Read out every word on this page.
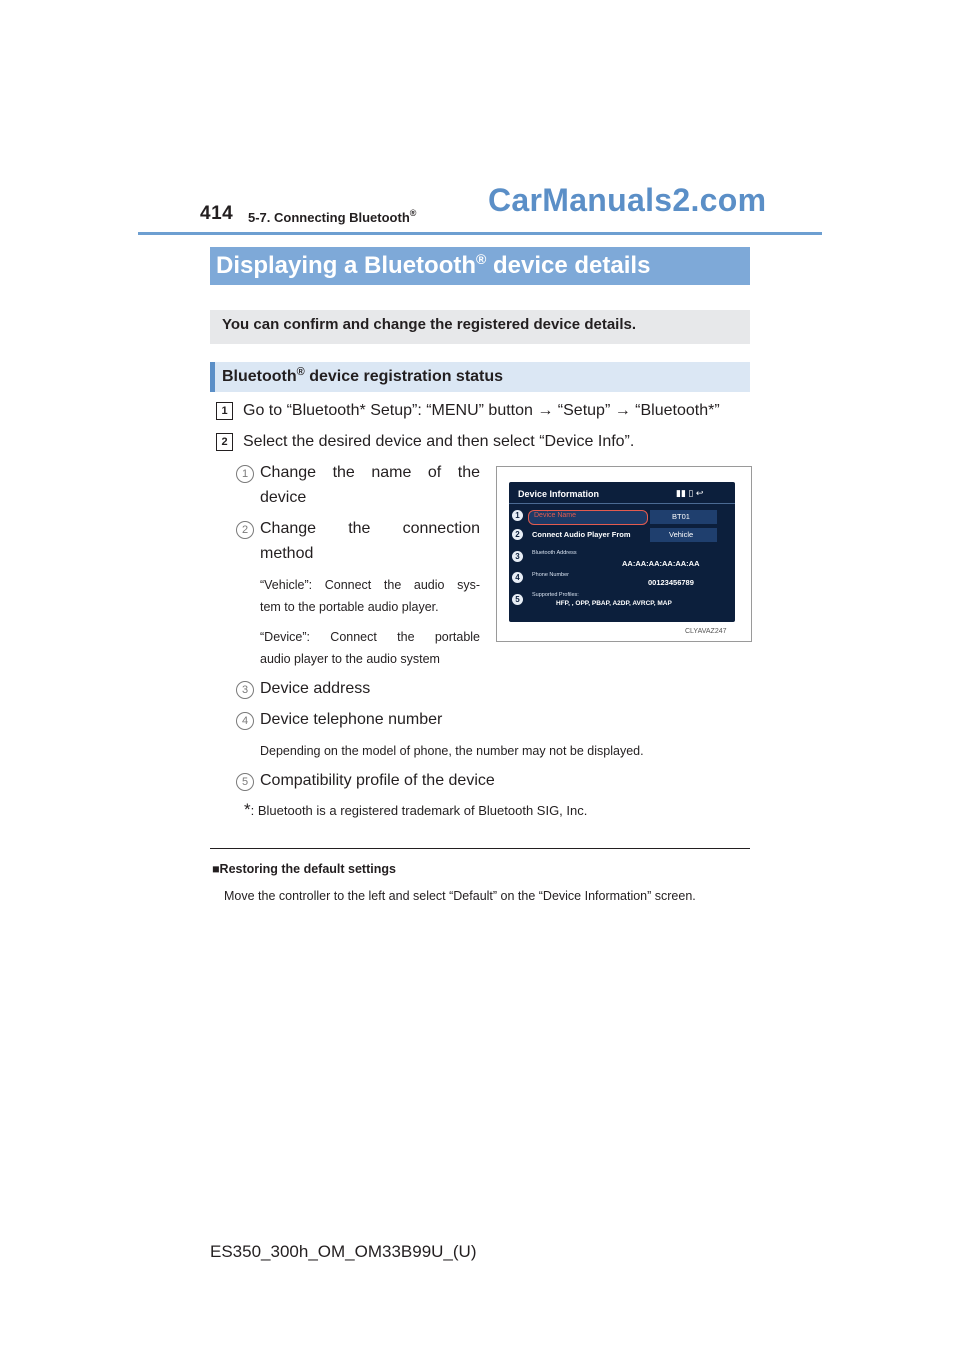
414 5-7. Connecting Bluetooth® CarManuals2.com
Displaying a Bluetooth® device details
You can confirm and change the registered device details.
Bluetooth® device registration status
1 Go to “Bluetooth* Setup”: “MENU” button → “Setup” → “Bluetooth*”
2 Select the desired device and then select “Device Info”.
1 Change the name of the
device
2 Change the connection
method
“Vehicle”: Connect the audio sys-
tem to the portable audio player.
“Device”: Connect the portable
audio player to the audio system
Device Information	▮▮ ▯ ↩
1	Device Name	BT01
2	Connect Audio Player From	Vehicle
3	Bluetooth Address
AA:AA:AA:AA:AA:AA
4	Phone Number
00123456789
5	Supported Profiles:
HFP, , OPP, PBAP, A2DP, AVRCP, MAP
CLYAVAZ247
3 Device address
4 Device telephone number
Depending on the model of phone, the number may not be displayed.
5 Compatibility profile of the device
*: Bluetooth is a registered trademark of Bluetooth SIG, Inc.
■Restoring the default settings
Move the controller to the left and select “Default” on the “Device Information” screen.
ES350_300h_OM_OM33B99U_(U)
